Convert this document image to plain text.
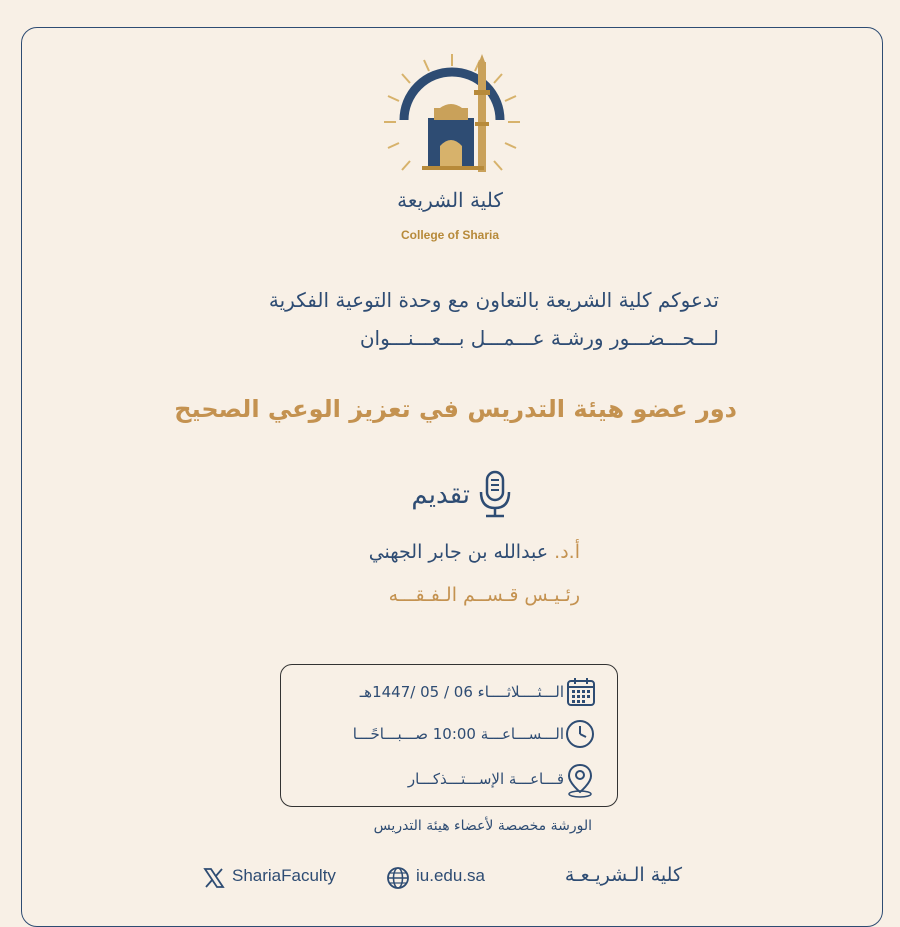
كلية الشريعة
College of Sharia
تدعوكم كلية الشريعة بالتعاون مع وحدة التوعية الفكرية
لـــحـــضـــور ورشـة عـــمـــل بـــعـــنـــوان
دور عضو هيئة التدريس في تعزيز الوعي الصحيح
تقديم
أ.د. عبدالله بن جابر الجهني
رئـيـس قـســم الـفـقـــه
الـــثــــلاثــــاء 06 / 05 /1447هـ
الـــســـاعـــة 10:00 صـــبـــاحًـــا
قـــاعـــة الإســـتـــذكـــار
الورشة مخصصة لأعضاء هيئة التدريس
ShariaFaculty	iu.edu.sa	كلية الـشريـعـة
